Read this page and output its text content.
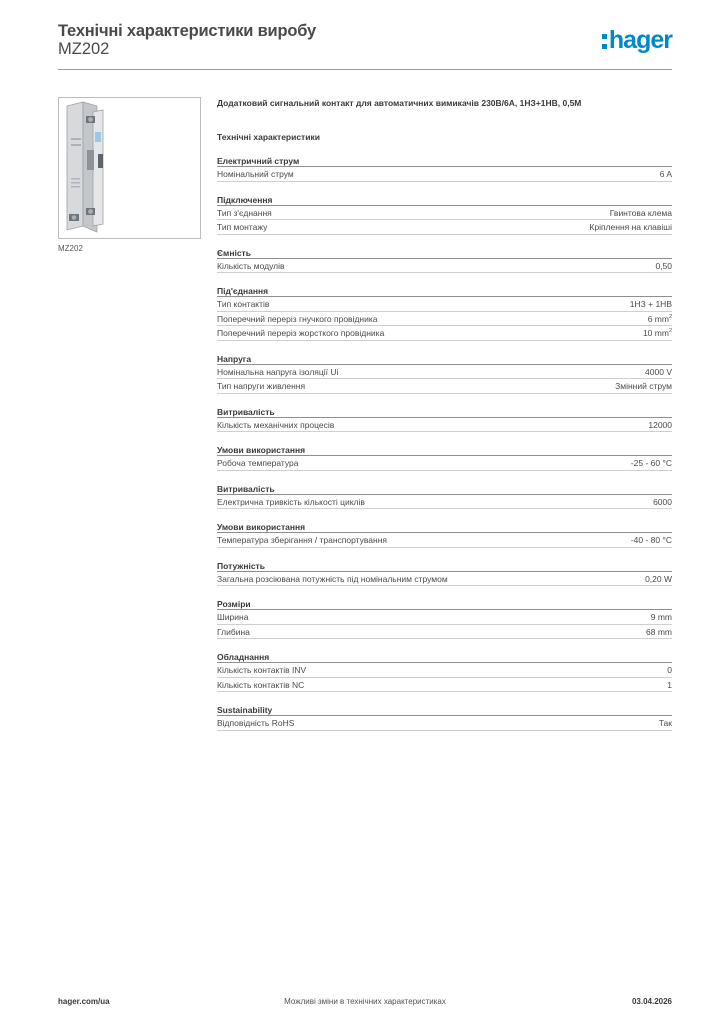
Технічні характеристики виробу
MZ202	hager
MZ202
Додатковий сигнальний контакт для автоматичних вимикачів 230В/6А, 1НЗ+1НВ, 0,5М
Технічні характеристики
Електричний струм
Номінальний струм	6 A
Підключення
Тип з'єднання	Гвинтова клема
Тип монтажу	Кріплення на клавіші
Ємність
Кількість модулів	0,50
Під'єднання
Тип контактів	1НЗ + 1НВ
Поперечний переріз гнучкого провідника	6 $mm^2$
Поперечний переріз жорсткого провідника	10 $mm^2$
Напруга
Номінальна напруга ізоляції Ui	4000 V
Тип напруги живлення	Змінний струм
Витривалість
Кількість механічних процесів	12000
Умови використання
Робоча температура	-25 - 60 °C
Витривалість
Електрична тривкість кількості циклів	6000
Умови використання
Температура зберігання / транспортування	-40 - 80 °C
Потужність
Загальна розсіювана потужність під номінальним струмом	0,20 W
Розміри
Ширина	9 mm
Глибина	68 mm
Обладнання
Кількість контактів INV	0
Кількість контактів NC	1
Sustainability
Відповідність RoHS	Так
hager.com/ua	Можливі зміни в технічних характеристиках	03.04.2026
